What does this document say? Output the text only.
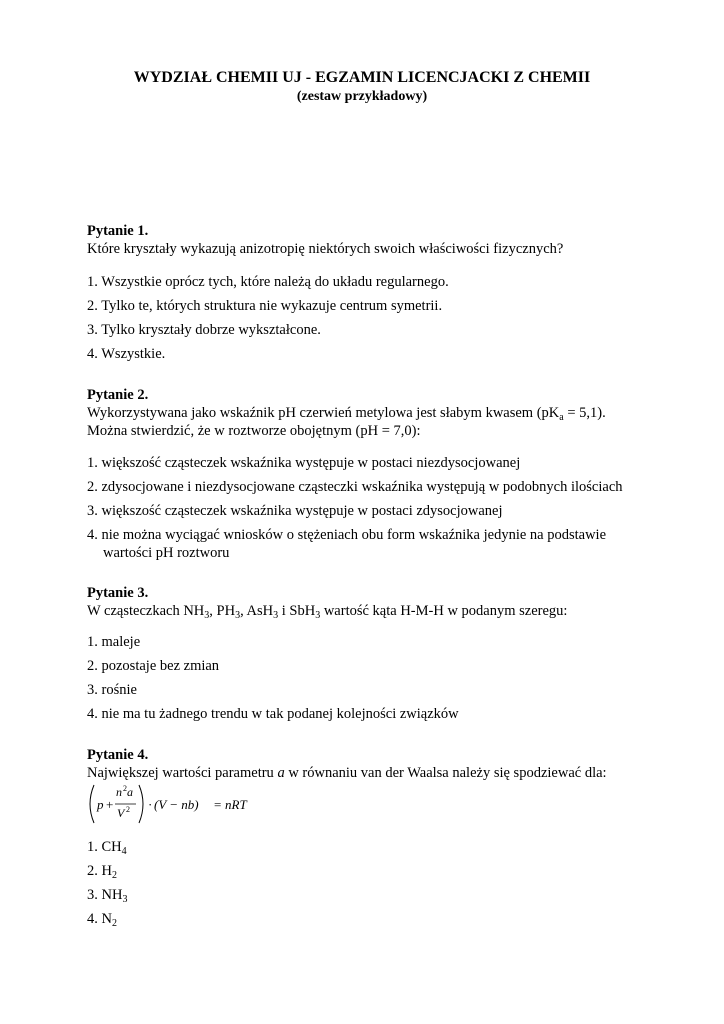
WYDZIAŁ CHEMII UJ - EGZAMIN LICENCJACKI Z CHEMII
(zestaw przykładowy)
Pytanie 1.
Które kryształy wykazują anizotropię niektórych swoich właściwości fizycznych?
1. Wszystkie oprócz tych, które należą do układu regularnego.
2. Tylko te, których struktura nie wykazuje centrum symetrii.
3. Tylko kryształy dobrze wykształcone.
4. Wszystkie.
Pytanie 2.
Wykorzystywana jako wskaźnik pH czerwień metylowa jest słabym kwasem $(pK_a = 5,1)$.
Można stwierdzić, że w roztworze obojętnym (pH = 7,0):
1. większość cząsteczek wskaźnika występuje w postaci niezdysocjowanej
2. zdysocjowane i niezdysocjowane cząsteczki wskaźnika występują w podobnych ilościach
3. większość cząsteczek wskaźnika występuje w postaci zdysocjowanej
4. nie można wyciągać wniosków o stężeniach obu form wskaźnika jedynie na podstawie
wartości pH roztworu
Pytanie 3.
W cząsteczkach $NH_3$, $PH_3$, AsH$_3$ i SbH$_3$ wartość kąta H-M-H w podanym szeregu:
1. maleje
2. pozostaje bez zmian
3. rośnie
4. nie ma tu żadnego trendu w tak podanej kolejności związków
Pytanie 4.
Największej wartości parametru a w równaniu van der Waalsa należy się spodziewać dla:
p +
n 2 a
V 2 · (V − nb) = nRT
1. $CH_4$
2. $H_2$
3. $NH_3$
4. $N_2$
